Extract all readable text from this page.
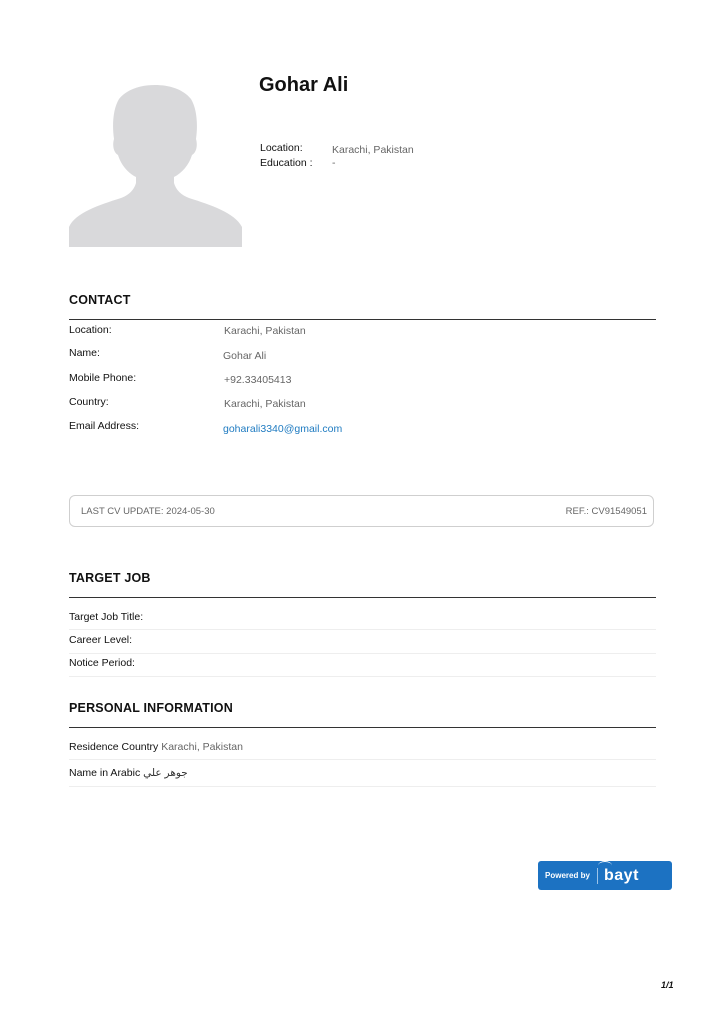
Gohar Ali
Location:	Karachi, Pakistan
Education :	-
CONTACT
Location:	Karachi, Pakistan
Name:	Gohar Ali
Mobile Phone:	+92.33405413
Country:	Karachi, Pakistan
Email Address:	goharali3340@gmail.com
LAST CV UPDATE: 2024-05-30	REF.: CV91549051
TARGET JOB
Target Job Title:
Career Level:
Notice Period:
PERSONAL INFORMATION
Residence Country Karachi, Pakistan
Name in Arabic جوهر علي
Powered by bayt
1/1
